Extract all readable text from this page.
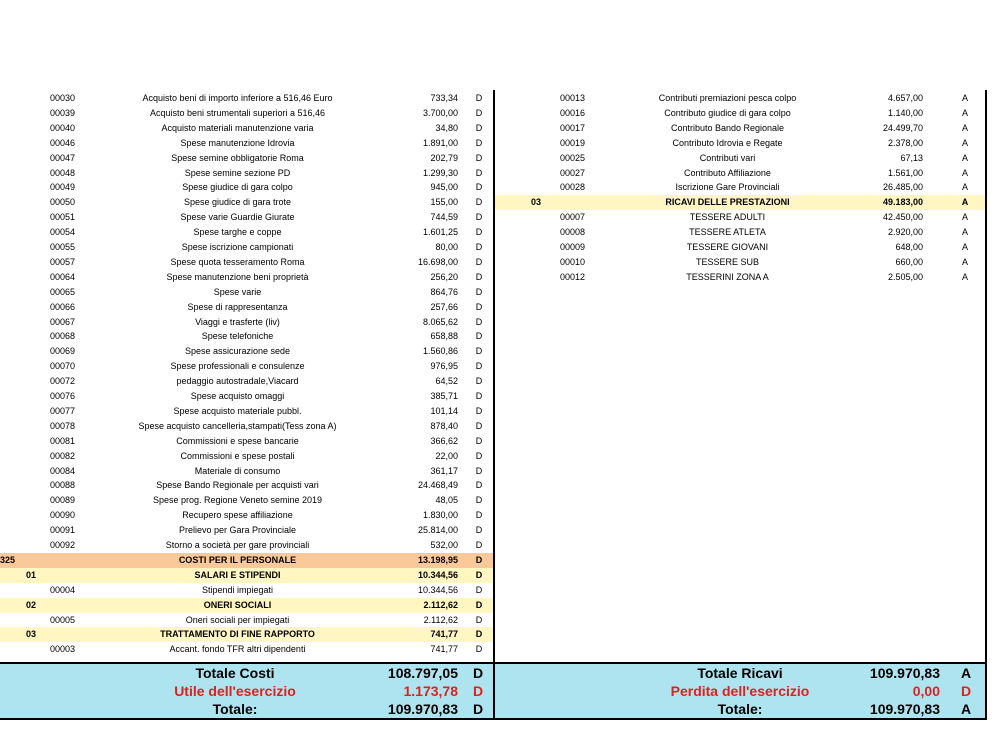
00030	Acquisto beni di importo inferiore a 516,46 Euro	733,34	D
00039	Acquisto beni strumentali superiori a 516,46	3.700,00	D
00040	Acquisto materiali manutenzione varia	34,80	D
00046	Spese manutenzione Idrovia	1.891,00	D
00047	Spese semine obbligatorie Roma	202,79	D
00048	Spese semine sezione PD	1.299,30	D
00049	Spese giudice di gara colpo	945,00	D
00050	Spese giudice di gara trote	155,00	D
00051	Spese varie Guardie Giurate	744,59	D
00054	Spese targhe e coppe	1.601,25	D
00055	Spese iscrizione campionati	80,00	D
00057	Spese quota tesseramento Roma	16.698,00	D
00064	Spese manutenzione beni proprietà	256,20	D
00065	Spese varie	864,76	D
00066	Spese di rappresentanza	257,66	D
00067	Viaggi e trasferte (liv)	8.065,62	D
00068	Spese telefoniche	658,88	D
00069	Spese assicurazione sede	1.560,86	D
00070	Spese professionali e consulenze	976,95	D
00072	pedaggio autostradale,Viacard	64,52	D
00076	Spese acquisto omaggi	385,71	D
00077	Spese acquisto materiale pubbl.	101,14	D
00078	Spese acquisto cancelleria,stampati(Tess zona A)	878,40	D
00081	Commissioni e spese bancarie	366,62	D
00082	Commissioni e spese postali	22,00	D
00084	Materiale di consumo	361,17	D
00088	Spese Bando Regionale per acquisti vari	24.468,49	D
00089	Spese prog. Regione Veneto semine 2019	48,05	D
00090	Recupero spese affiliazione	1.830,00	D
00091	Prelievo per Gara Provinciale	25.814,00	D
00092	Storno a società per gare provinciali	532,00	D
325	COSTI PER IL PERSONALE	13.198,95	D
01	SALARI E STIPENDI	10.344,56	D
00004	Stipendi impiegati	10.344,56	D
02	ONERI SOCIALI	2.112,62	D
00005	Oneri sociali per impiegati	2.112,62	D
03	TRATTAMENTO DI FINE RAPPORTO	741,77	D
00003	Accant. fondo TFR altri dipendenti	741,77	D
00013	Contributi premiazioni pesca colpo	4.657,00	A
00016	Contributo giudice di gara colpo	1.140,00	A
00017	Contributo Bando Regionale	24.499,70	A
00019	Contributo Idrovia e Regate	2.378,00	A
00025	Contributi vari	67,13	A
00027	Contributo Affiliazione	1.561,00	A
00028	Iscrizione Gare Provinciali	26.485,00	A
03	RICAVI DELLE PRESTAZIONI	49.183,00	A
00007	TESSERE ADULTI	42.450,00	A
00008	TESSERE ATLETA	2.920,00	A
00009	TESSERE GIOVANI	648,00	A
00010	TESSERE SUB	660,00	A
00012	TESSERINI ZONA A	2.505,00	A
Totale Costi	108.797,05 D
Utile dell'esercizio	1.173,78 D
Totale:	109.970,83 D
Totale Ricavi	109.970,83 A
Perdita dell'esercizio	0,00 D
Totale:	109.970,83 A
